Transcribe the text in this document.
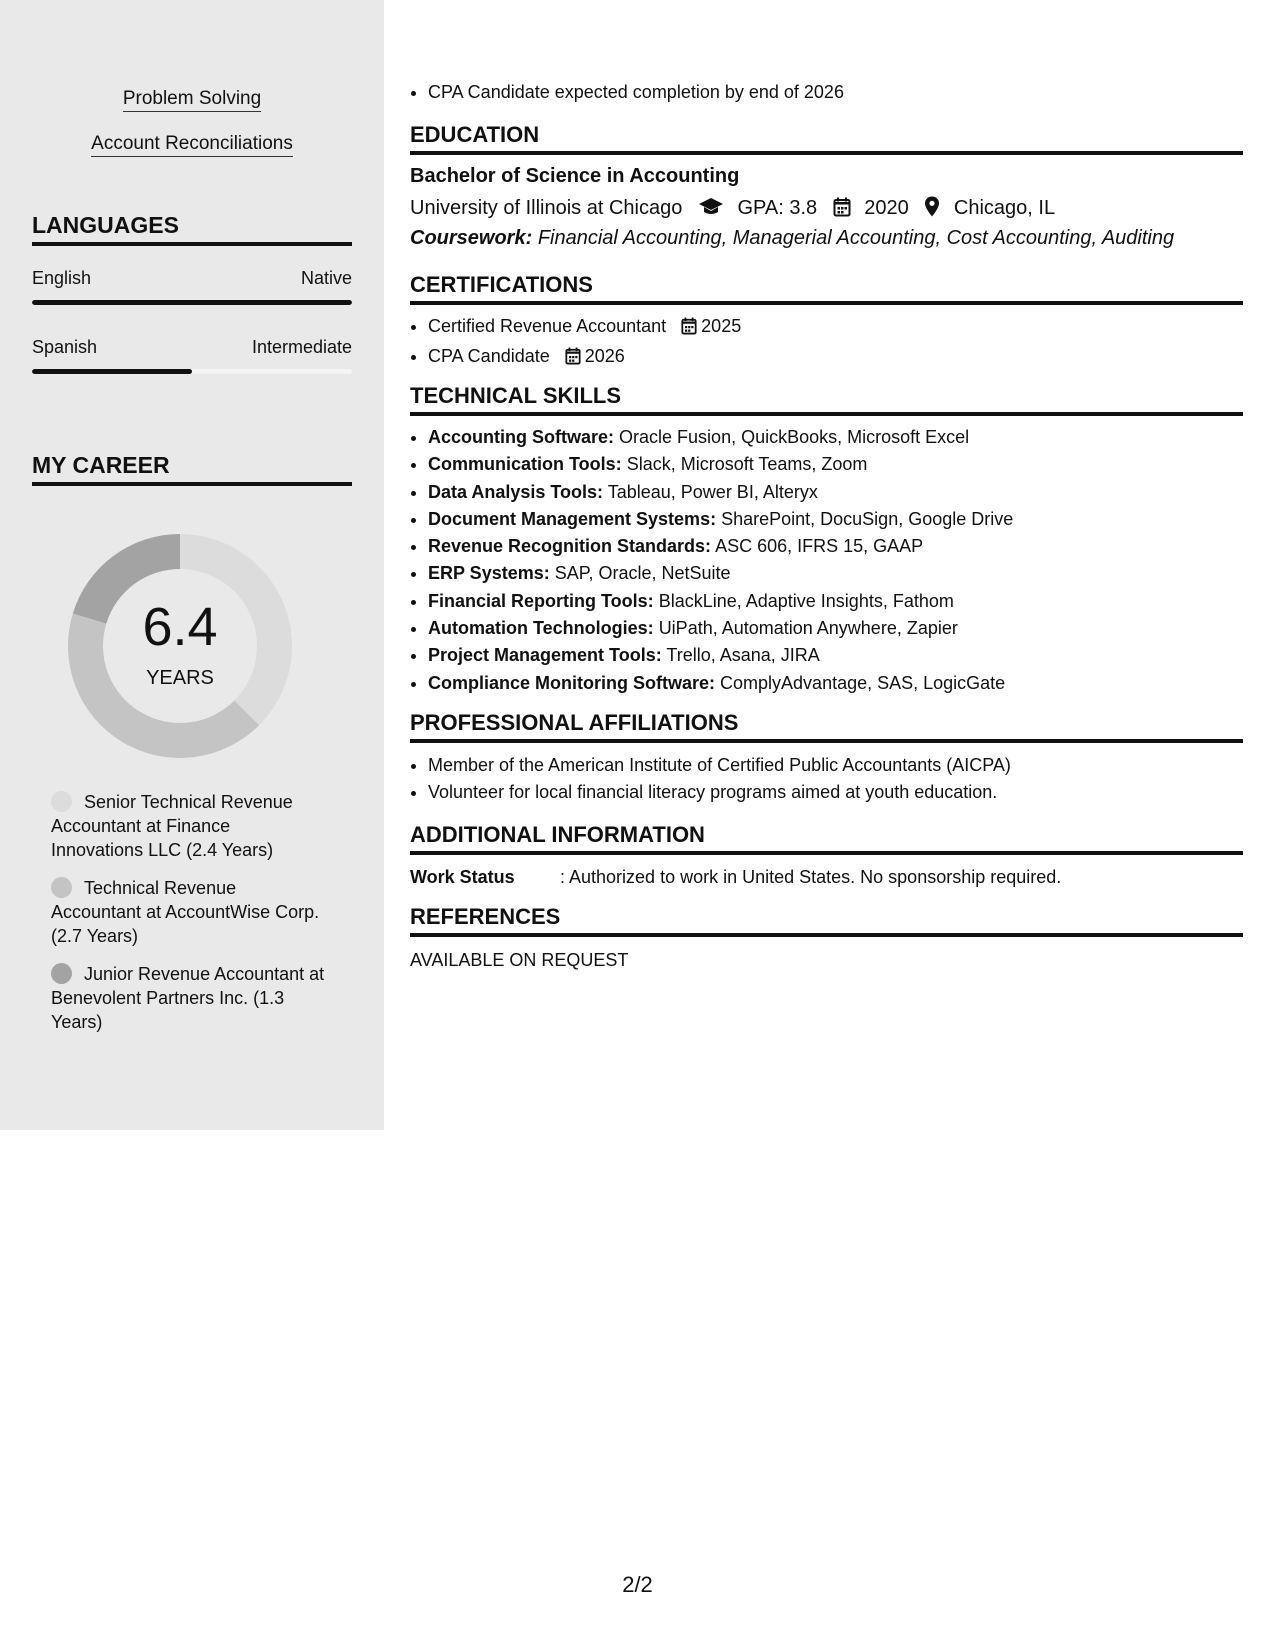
Problem Solving
Account Reconciliations
LANGUAGES
English	Native
Spanish	Intermediate
MY CAREER
6.4
YEARS
Senior Technical Revenue Accountant at Finance Innovations LLC (2.4 Years)
Technical Revenue Accountant at AccountWise Corp. (2.7 Years)
Junior Revenue Accountant at Benevolent Partners Inc. (1.3 Years)
• CPA Candidate expected completion by end of 2026
EDUCATION
Bachelor of Science in Accounting
University of Illinois at Chicago	GPA: 3.8 2020 Chicago, IL
Coursework: Financial Accounting, Managerial Accounting, Cost Accounting, Auditing
CERTIFICATIONS
• Certified Revenue Accountant 2025
• CPA Candidate 2026
TECHNICAL SKILLS
• Accounting Software: Oracle Fusion, QuickBooks, Microsoft Excel
• Communication Tools: Slack, Microsoft Teams, Zoom
• Data Analysis Tools: Tableau, Power BI, Alteryx
• Document Management Systems: SharePoint, DocuSign, Google Drive
• Revenue Recognition Standards: ASC 606, IFRS 15, GAAP
• ERP Systems: SAP, Oracle, NetSuite
• Financial Reporting Tools: BlackLine, Adaptive Insights, Fathom
• Automation Technologies: UiPath, Automation Anywhere, Zapier
• Project Management Tools: Trello, Asana, JIRA
• Compliance Monitoring Software: ComplyAdvantage, SAS, LogicGate
PROFESSIONAL AFFILIATIONS
• Member of the American Institute of Certified Public Accountants (AICPA)
• Volunteer for local financial literacy programs aimed at youth education.
ADDITIONAL INFORMATION
Work Status	: Authorized to work in United States. No sponsorship required.
REFERENCES
AVAILABLE ON REQUEST
2/2
